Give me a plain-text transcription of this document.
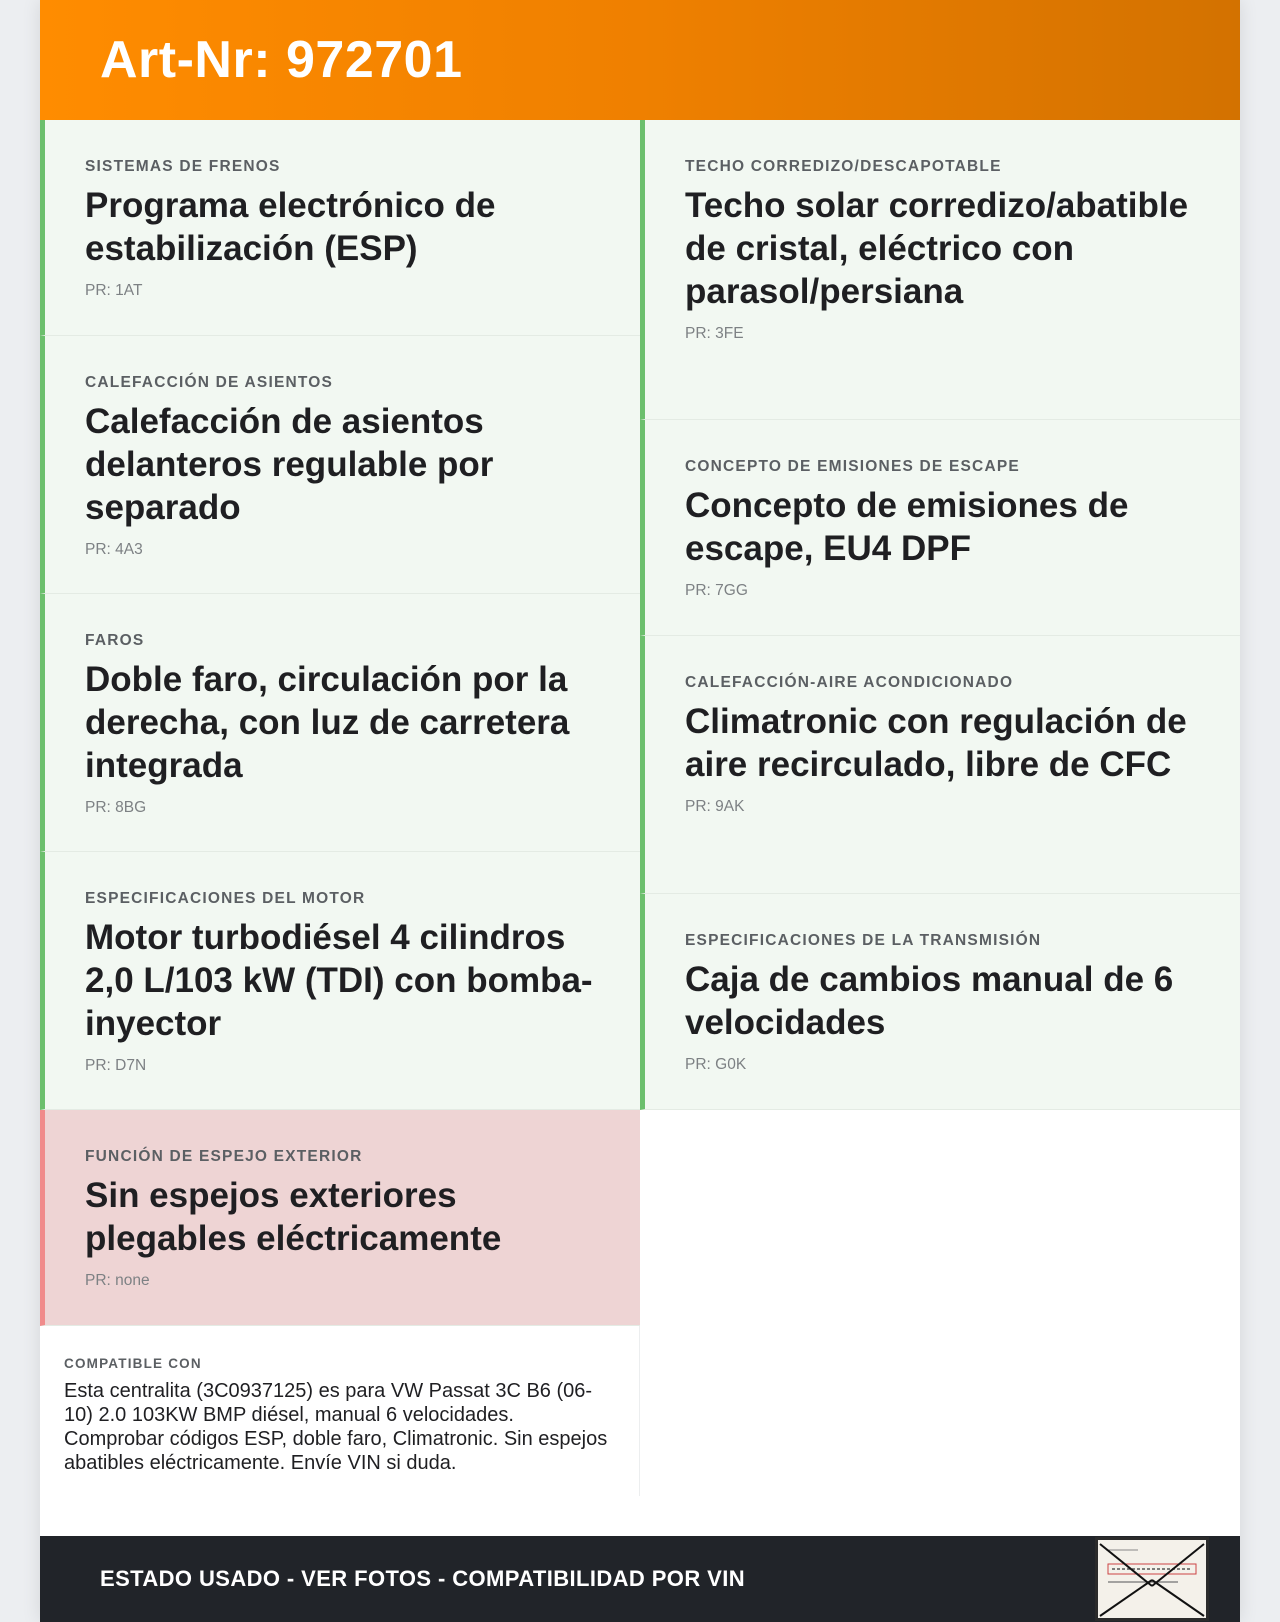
Art-Nr: 972701
SISTEMAS DE FRENOS
Programa electrónico de estabilización (ESP)
PR: 1AT
CALEFACCIÓN DE ASIENTOS
Calefacción de asientos delanteros regulable por separado
PR: 4A3
FAROS
Doble faro, circulación por la derecha, con luz de carretera integrada
PR: 8BG
ESPECIFICACIONES DEL MOTOR
Motor turbodiésel 4 cilindros 2,0 L/103 kW (TDI) con bomba-inyector
PR: D7N
FUNCIÓN DE ESPEJO EXTERIOR
Sin espejos exteriores plegables eléctricamente
PR: none
COMPATIBLE CON
Esta centralita (3C0937125) es para VW Passat 3C B6 (06-10) 2.0 103KW BMP diésel, manual 6 velocidades. Comprobar códigos ESP, doble faro, Climatronic. Sin espejos abatibles eléctricamente. Envíe VIN si duda.
TECHO CORREDIZO/DESCAPOTABLE
Techo solar corredizo/abatible de cristal, eléctrico con parasol/persiana
PR: 3FE
CONCEPTO DE EMISIONES DE ESCAPE
Concepto de emisiones de escape, EU4 DPF
PR: 7GG
CALEFACCIÓN-AIRE ACONDICIONADO
Climatronic con regulación de aire recirculado, libre de CFC
PR: 9AK
ESPECIFICACIONES DE LA TRANSMISIÓN
Caja de cambios manual de 6 velocidades
PR: G0K
ESTADO USADO - VER FOTOS - COMPATIBILIDAD POR VIN
